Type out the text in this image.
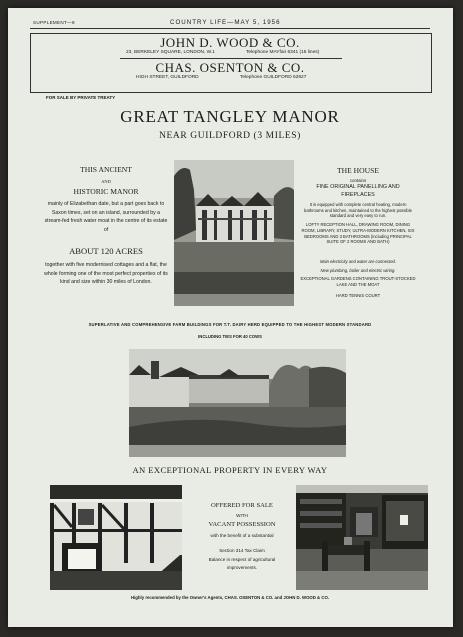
SUPPLEMENT—8	COUNTRY LIFE—MAY 5, 1956
JOHN D. WOOD & CO.
23, BERKELEY SQUARE, LONDON, W.1	Telephone MAYfair 6341 (15 lines)
CHAS. OSENTON & CO.
HIGH STREET, GUILDFORD	Telephone GUILDFORD 62927
FOR SALE BY PRIVATE TREATY
GREAT TANGLEY MANOR
NEAR GUILDFORD (3 MILES)
THIS ANCIENT
AND
HISTORIC MANOR
mainly of Elizabethan date, but a part goes back to Saxon times, set on an island, surrounded by a stream-fed fresh water moat in the centre of its estate of
ABOUT 120 ACRES
together with five modernised cottages and a flat, the whole forming one of the most perfect properties of its kind and size within 30 miles of London.
THE HOUSE
contains
FINE ORIGINAL PANELLING AND FIREPLACES
It is equipped with complete central heating, modern bathrooms and kitchen, maintained to the highest possible standard and very easy to run.
LOFTY RECEPTION HALL, DRAWING ROOM, DINING ROOM, LIBRARY, STUDY, ULTRA-MODERN KITCHEN, SIX BEDROOMS AND 3 BATHROOMS (including PRINCIPAL SUITE OF 2 ROOMS AND BATH)
Main electricity and water are connected.
New plumbing, boiler and electric wiring.
EXCEPTIONAL GARDENS CONTAINING TROUT-STOCKED LAKE AND THE MOAT
HARD TENNIS COURT
SUPERLATIVE AND COMPREHENSIVE FARM BUILDINGS FOR T.T. DAIRY HERD EQUIPPED TO THE HIGHEST MODERN STANDARD
INCLUDING TIES FOR 40 COWS
AN EXCEPTIONAL PROPERTY IN EVERY WAY
OFFERED FOR SALE
WITH
VACANT POSSESSION
with the benefit of a substantial
Section 314 Tax Claim
Balance in respect of agricultural improvements.
Highly recommended by the Owner's Agents, CHAS. OSENTON & CO. and JOHN D. WOOD & CO.
